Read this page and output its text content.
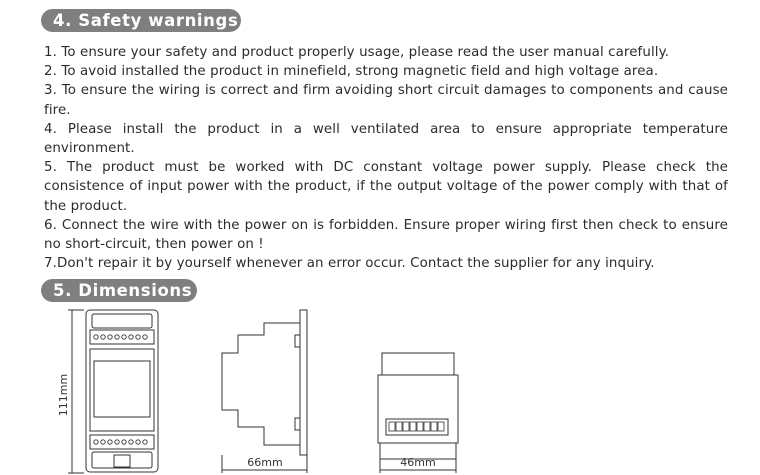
4. Safety warnings
1. To ensure your safety and product properly usage, please read the user manual carefully.
2. To avoid installed the product in minefield, strong magnetic field and high voltage area.
3. To ensure the wiring is correct and firm avoiding short circuit damages to components and cause fire.
4. Please install the product in a well ventilated area to ensure appropriate temperature environment.
5. The product must be worked with DC constant voltage power supply. Please check the consistence of input power with the product, if the output voltage of the power comply with that of the product.
6. Connect the wire with the power on is forbidden. Ensure proper wiring first then check to ensure no short-circuit, then power on !
7.Don't repair it by yourself whenever an error occur. Contact the supplier for any inquiry.
5. Dimensions
111mm
66mm	46mm
